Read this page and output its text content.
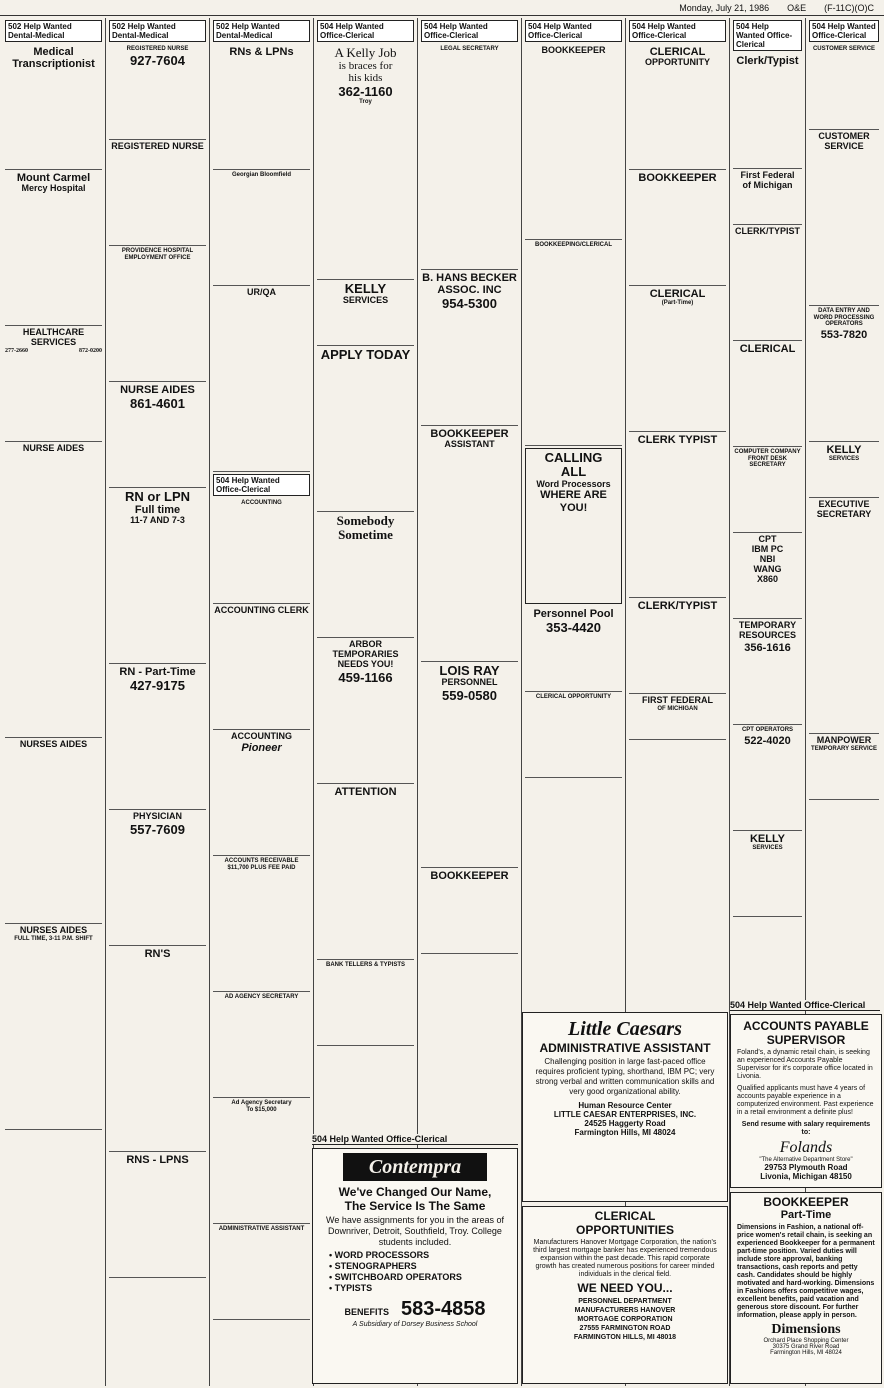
Monday, July 21, 1986 O&E (F-11C)(O)C
502 Help Wanted Dental-Medical
Medical
Transcriptionist
Mount Carmel
Mercy Hospital
HEALTHCARE SERVICES
277-2660	872-0200
NURSE AIDES
NURSES AIDES
NURSES AIDES
FULL TIME, 3-11 P.M. SHIFT
502 Help Wanted Dental-Medical
REGISTERED NURSE
927-7604
REGISTERED NURSE
PROVIDENCE HOSPITAL
EMPLOYMENT OFFICE
NURSE AIDES
861-4601
RN or LPN
Full time
11-7 AND 7-3
RN - Part-Time
427-9175
PHYSICIAN
557-7609
RN'S
RNS - LPNS
502 Help Wanted Dental-Medical
RNs & LPNs
Georgian Bloomfield
UR/QA
504 Help Wanted Office-Clerical
ACCOUNTING
ACCOUNTING CLERK
ACCOUNTING
Pioneer
ACCOUNTS RECEIVABLE
$11,700 PLUS FEE PAID
AD AGENCY SECRETARY
Ad Agency Secretary
To $15,000
ADMINISTRATIVE ASSISTANT
504 Help Wanted Office-Clerical
A Kelly Job
is braces for
his kids
362-1160
Troy
KELLY
SERVICES
APPLY TODAY
Somebody
Sometime
ARBOR TEMPORARIES
NEEDS YOU!
459-1166
ATTENTION
BANK TELLERS & TYPISTS
504 Help Wanted Office-Clerical
LEGAL SECRETARY
B. HANS BECKER
ASSOC. INC
954-5300
BOOKKEEPER
ASSISTANT
LOIS RAY
PERSONNEL
559-0580
BOOKKEEPER
504 Help Wanted Office-Clerical
BOOKKEEPER
BOOKKEEPING/CLERICAL
CALLING
ALL
Word Processors
WHERE ARE
YOU!
Personnel Pool
353-4420
CLERICAL OPPORTUNITY
504 Help Wanted Office-Clerical
CLERICAL
OPPORTUNITY
BOOKKEEPER
CLERICAL
(Part-Time)
CLERK TYPIST
CLERK/TYPIST
FIRST FEDERAL
OF MICHIGAN
504 Help Wanted Office-Clerical
Clerk/Typist
First Federal
of Michigan
CLERK/TYPIST
CLERICAL
COMPUTER COMPANY
FRONT DESK SECRETARY
CPT
IBM PC
NBI
WANG
X860
TEMPORARY
RESOURCES
356-1616
CPT OPERATORS
522-4020
KELLY
SERVICES
504 Help Wanted Office-Clerical
CUSTOMER SERVICE
CUSTOMER
SERVICE
DATA ENTRY AND WORD PROCESSING OPERATORS
553-7820
KELLY
SERVICES
EXECUTIVE
SECRETARY
MANPOWER
TEMPORARY SERVICE
Little Caesars
ADMINISTRATIVE ASSISTANT
Challenging position in large fast-paced office requires proficient typing, shorthand, IBM PC; very strong verbal and written communication skills and very good organizational ability.
Human Resource Center
LITTLE CAESAR ENTERPRISES, INC.
24525 Haggerty Road
Farmington Hills, MI 48024
504 Help Wanted Office-Clerical
Contempra
We've Changed Our Name,
The Service Is The Same
We have assignments for you in the areas of Downriver, Detroit, Southfield, Troy. College students included.
• WORD PROCESSORS
• STENOGRAPHERS
• SWITCHBOARD OPERATORS
• TYPISTS
BENEFITS 583-4858
A Subsidiary of Dorsey Business School
CLERICAL
OPPORTUNITIES
Manufacturers Hanover Mortgage Corporation, the nation's third largest mortgage banker has experienced tremendous expansion within the past decade. This rapid corporate growth has created numerous positions for career minded individuals in the clerical field.
WE NEED YOU...
PERSONNEL DEPARTMENT
MANUFACTURERS HANOVER
MORTGAGE CORPORATION
27555 FARMINGTON ROAD
FARMINGTON HILLS, MI 48018
504 Help Wanted Office-Clerical
ACCOUNTS PAYABLE
SUPERVISOR
Foland's, a dynamic retail chain, is seeking an experienced Accounts Payable Supervisor for it's corporate office located in Livonia.
Qualified applicants must have 4 years of accounts payable experience in a computerized environment. Past experience in a retail environment a definite plus!
Send resume with salary requirements to:
Folands
"The Alternative Department Store"
29753 Plymouth Road
Livonia, Michigan 48150
BOOKKEEPER
Part-Time
Dimensions in Fashion, a national off-price women's retail chain, is seeking an experienced Bookkeeper for a permanent part-time position. Varied duties will include store approval, banking transactions, cash reports and petty cash. Candidates should be highly motivated and hard-working. Dimensions in Fashions offers competitive wages, excellent benefits, paid vacation and generous store discount. For further information, please apply in person.
Dimensions
Orchard Place Shopping Center
30375 Grand River Road
Farmington Hills, MI 48024
